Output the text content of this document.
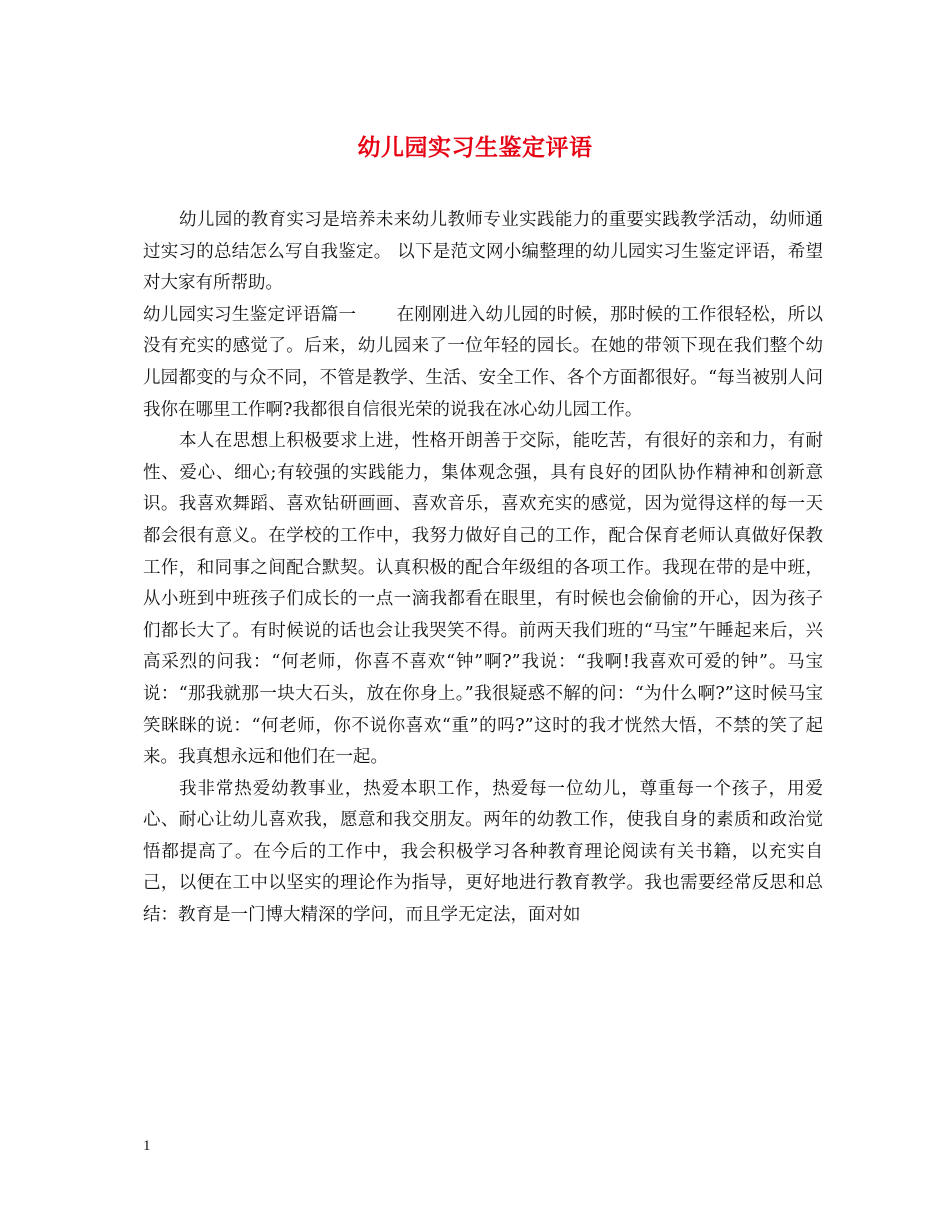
幼儿园实习生鉴定评语

幼儿园的教育实习是培养未来幼儿教师专业实践能力的重要实践教学活动，幼师通过实习的总结怎么写自我鉴定。 以下是范文网小编整理的幼儿园实习生鉴定评语，希望对大家有所帮助。

幼儿园实习生鉴定评语篇一 在刚刚进入幼儿园的时候，那时候的工作很轻松，所以没有充实的感觉了。后来，幼儿园来了一位年轻的园长。在她的带领下现在我们整个幼儿园都变的与众不同，不管是教学、生活、安全工作、各个方面都很好。“每当被别人问我你在哪里工作啊?我都很自信很光荣的说我在冰心幼儿园工作。

本人在思想上积极要求上进，性格开朗善于交际，能吃苦，有很好的亲和力，有耐性、爱心、细心;有较强的实践能力，集体观念强，具有良好的团队协作精神和创新意识。我喜欢舞蹈、喜欢钻研画画、喜欢音乐，喜欢充实的感觉，因为觉得这样的每一天都会很有意义。在学校的工作中，我努力做好自己的工作，配合保育老师认真做好保教工作，和同事之间配合默契。认真积极的配合年级组的各项工作。我现在带的是中班，从小班到中班孩子们成长的一点一滴我都看在眼里，有时候也会偷偷的开心，因为孩子们都长大了。有时候说的话也会让我哭笑不得。前两天我们班的“马宝”午睡起来后，兴高采烈的问我：“何老师，你喜不喜欢“钟”啊?”我说：“我啊!我喜欢可爱的钟”。马宝说：“那我就那一块大石头，放在你身上。”我很疑惑不解的问：“为什么啊?”这时候马宝笑眯眯的说：“何老师，你不说你喜欢“重”的吗?”这时的我才恍然大悟，不禁的笑了起来。我真想永远和他们在一起。

我非常热爱幼教事业，热爱本职工作，热爱每一位幼儿，尊重每一个孩子，用爱心、耐心让幼儿喜欢我，愿意和我交朋友。两年的幼教工作，使我自身的素质和政治觉悟都提高了。在今后的工作中，我会积极学习各种教育理论阅读有关书籍，以充实自己，以便在工中以坚实的理论作为指导，更好地进行教育教学。我也需要经常反思和总结：教育是一门博大精深的学问，而且学无定法，面对如

1
